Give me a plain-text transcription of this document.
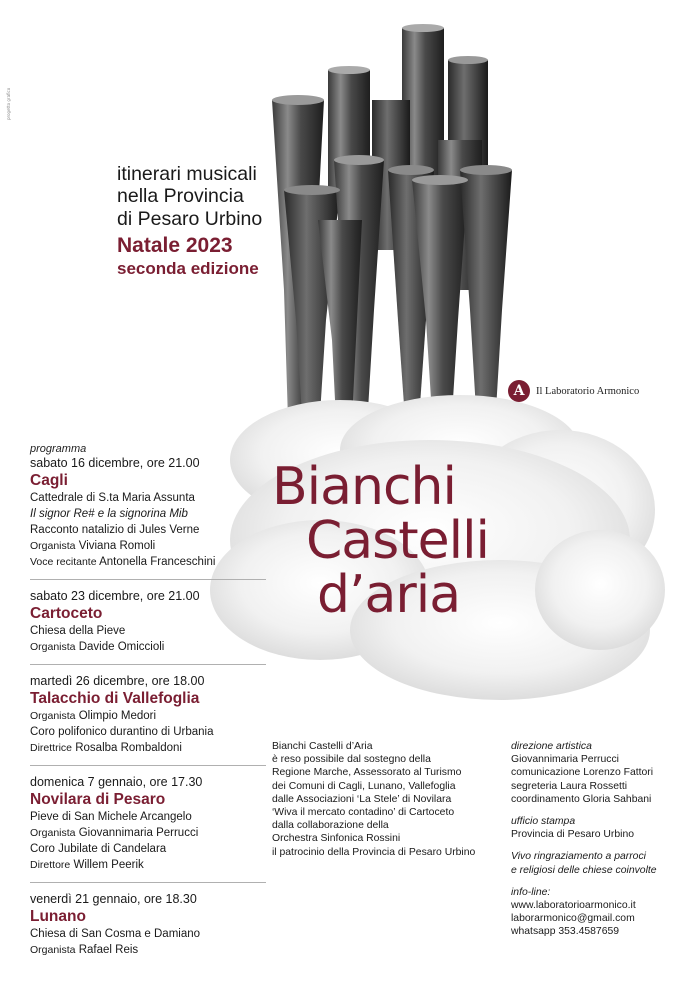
progetto grafico
itinerari musicali
nella Provincia
di Pesaro Urbino
Natale 2023
seconda edizione
A	Il Laboratorio Armonico
Bianchi
Castelli
d’aria

programma

sabato 16 dicembre, ore 21.00
Cagli
Cattedrale di S.ta Maria Assunta
Il signor Re# e la signorina Mib
Racconto natalizio di Jules Verne
Organista Viviana Romoli
Voce recitante Antonella Franceschini
sabato 23 dicembre, ore 21.00
Cartoceto
Chiesa della Pieve
Organista Davide Omiccioli
martedì 26 dicembre, ore 18.00
Talacchio di Vallefoglia
Organista Olimpio Medori
Coro polifonico durantino di Urbania
Direttrice Rosalba Rombaldoni
domenica 7 gennaio, ore 17.30
Novilara di Pesaro
Pieve di San Michele Arcangelo
Organista Giovannimaria Perrucci
Coro Jubilate di Candelara
Direttore Willem Peerik
venerdì 21 gennaio, ore 18.30
Lunano
Chiesa di San Cosma e Damiano
Organista Rafael Reis
Bianchi Castelli d’Aria
è reso possibile dal sostegno della
Regione Marche, Assessorato al Turismo
dei Comuni di Cagli, Lunano, Vallefoglia
dalle Associazioni ‘La Stele’ di Novilara
‘Wiva il mercato contadino’ di Cartoceto
dalla collaborazione della
Orchestra Sinfonica Rossini
il patrocinio della Provincia di Pesaro Urbino
direzione artistica
Giovannimaria Perrucci
comunicazione Lorenzo Fattori
segreteria Laura Rossetti
coordinamento Gloria Sahbani
ufficio stampa
Provincia di Pesaro Urbino
Vivo ringraziamento a parroci
e religiosi delle chiese coinvolte
info-line:
www.laboratorioarmonico.it
laborarmonico@gmail.com
whatsapp 353.4587659
